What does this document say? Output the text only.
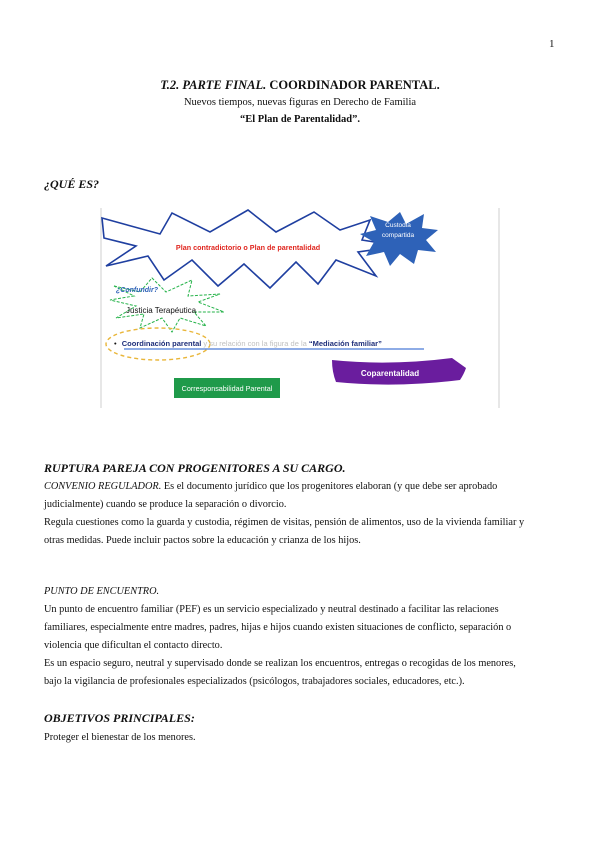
1
T.2. PARTE FINAL. COORDINADOR PARENTAL.
Nuevos tiempos, nuevas figuras en Derecho de Familia
“El Plan de Parentalidad”.
¿QUÉ ES?
Plan contradictorio o Plan de parentalidad
Custodia
compartida
¿Confundir?
Justicia Terapéutica
• Coordinación parental y su relación con la figura de la “Mediación familiar”
Coparentalidad
Corresponsabilidad Parental
RUPTURA PAREJA CON PROGENITORES A SU CARGO.
CONVENIO REGULADOR. Es el documento jurídico que los progenitores elaboran (y que debe ser aprobado
judicialmente) cuando se produce la separación o divorcio.
Regula cuestiones como la guarda y custodia, régimen de visitas, pensión de alimentos, uso de la vivienda familiar y
otras medidas. Puede incluir pactos sobre la educación y crianza de los hijos.
PUNTO DE ENCUENTRO.
Un punto de encuentro familiar (PEF) es un servicio especializado y neutral destinado a facilitar las relaciones
familiares, especialmente entre madres, padres, hijas e hijos cuando existen situaciones de conflicto, separación o
violencia que dificultan el contacto directo.
Es un espacio seguro, neutral y supervisado donde se realizan los encuentros, entregas o recogidas de los menores,
bajo la vigilancia de profesionales especializados (psicólogos, trabajadores sociales, educadores, etc.).
OBJETIVOS PRINCIPALES:
Proteger el bienestar de los menores.
